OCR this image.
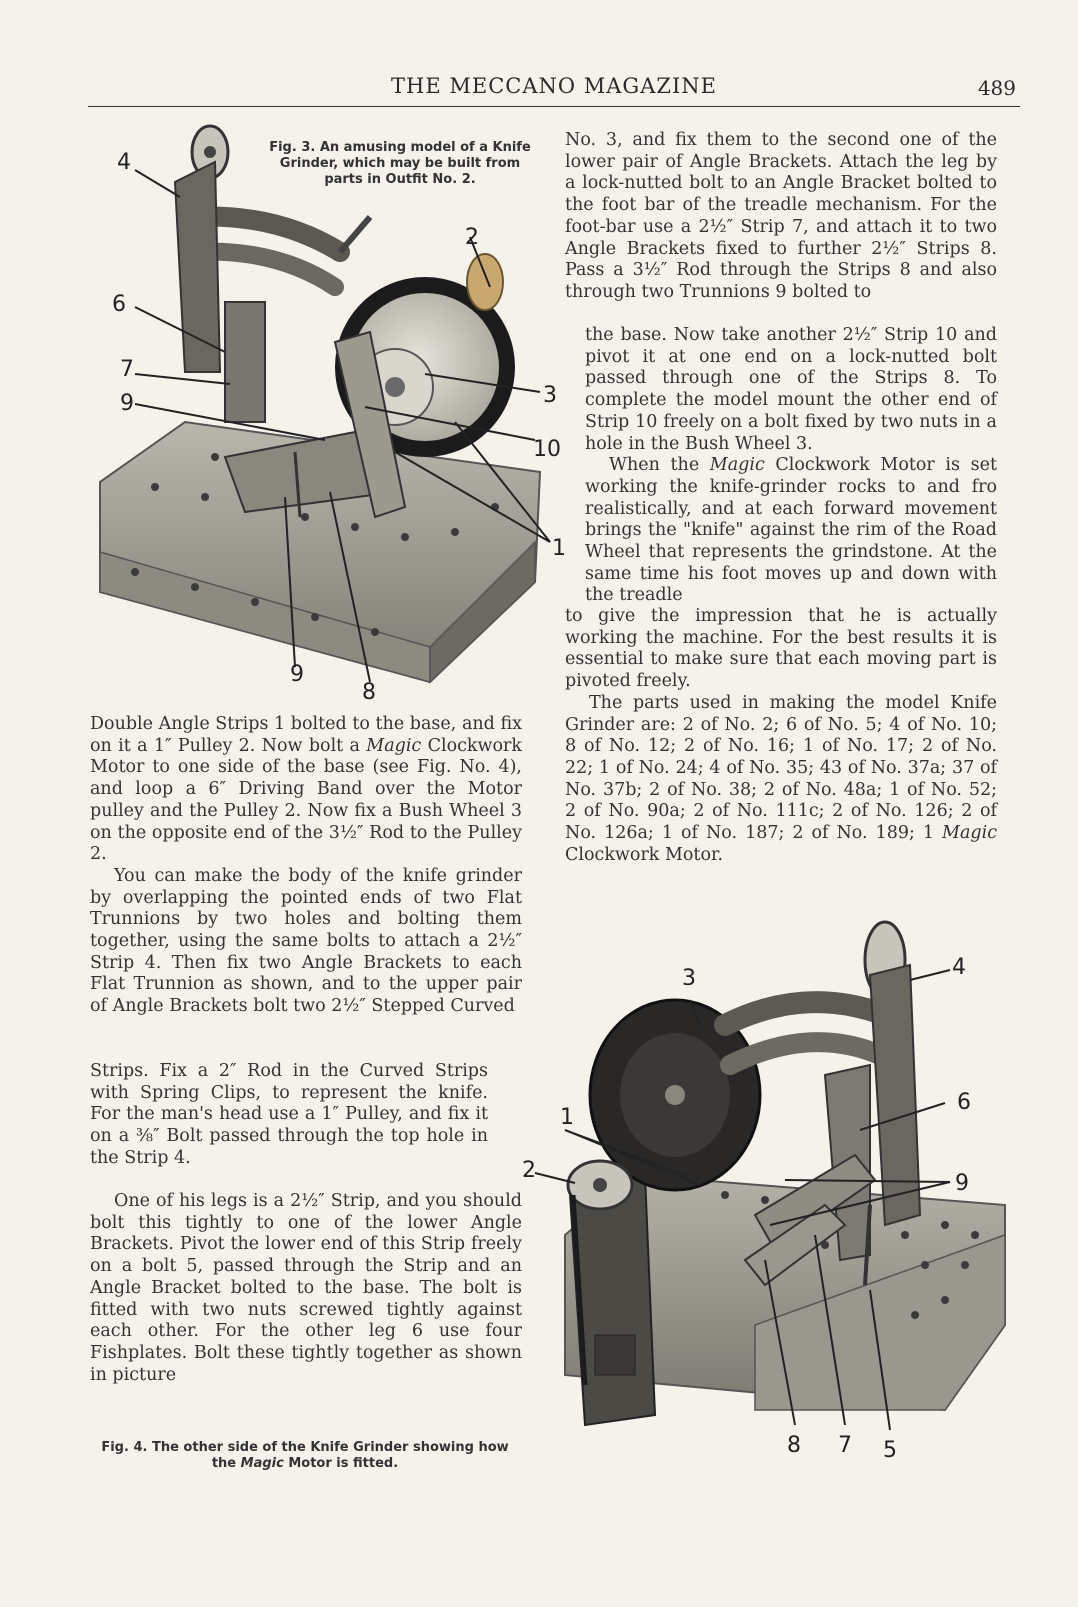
THE MECCANO MAGAZINE	489
Fig. 3. An amusing model of a Knife Grinder, which may be built from parts in Outfit No. 2.
4
2
6
7
9	3
10
1
9
8
3	4
1
6
2
9
8 7 5
Fig. 4. The other side of the Knife Grinder showing how the Magic Motor is fitted.

Double Angle Strips 1 bolted to the base, and fix on it a 1″ Pulley 2. Now bolt a Magic Clockwork Motor to one side of the base (see Fig. No. 4), and loop a 6″ Driving Band over the Motor pulley and the Pulley 2. Now fix a Bush Wheel 3 on the opposite end of the 3½″ Rod to the Pulley 2.

You can make the body of the knife grinder by overlapping the pointed ends of two Flat Trunnions by two holes and bolting them together, using the same bolts to attach a 2½″ Strip 4. Then fix two Angle Brackets to each Flat Trunnion as shown, and to the upper pair of Angle Brackets bolt two 2½″ Stepped Curved

Strips. Fix a 2″ Rod in the Curved Strips with Spring Clips, to represent the knife. For the man's head use a 1″ Pulley, and fix it on a ⅜″ Bolt passed through the top hole in the Strip 4.

One of his legs is a 2½″ Strip, and you should bolt this tightly to one of the lower Angle Brackets. Pivot the lower end of this Strip freely on a bolt 5, passed through the Strip and an Angle Bracket bolted to the base. The bolt is fitted with two nuts screwed tightly against each other. For the other leg 6 use four Fishplates. Bolt these tightly together as shown in picture

No. 3, and fix them to the second one of the lower pair of Angle Brackets. Attach the leg by a lock-nutted bolt to an Angle Bracket bolted to the foot bar of the treadle mechanism. For the foot-bar use a 2½″ Strip 7, and attach it to two Angle Brackets fixed to further 2½″ Strips 8. Pass a 3½″ Rod through the Strips 8 and also through two Trunnions 9 bolted to

the base. Now take another 2½″ Strip 10 and pivot it at one end on a lock-nutted bolt passed through one of the Strips 8. To complete the model mount the other end of Strip 10 freely on a bolt fixed by two nuts in a hole in the Bush Wheel 3.

When the Magic Clockwork Motor is set working the knife-grinder rocks to and fro realistically, and at each forward movement brings the "knife" against the rim of the Road Wheel that represents the grindstone. At the same time his foot moves up and down with the treadle

to give the impression that he is actually working the machine. For the best results it is essential to make sure that each moving part is pivoted freely.

The parts used in making the model Knife Grinder are: 2 of No. 2; 6 of No. 5; 4 of No. 10; 8 of No. 12; 2 of No. 16; 1 of No. 17; 2 of No. 22; 1 of No. 24; 4 of No. 35; 43 of No. 37a; 37 of No. 37b; 2 of No. 38; 2 of No. 48a; 1 of No. 52; 2 of No. 90a; 2 of No. 111c; 2 of No. 126; 2 of No. 126a; 1 of No. 187; 2 of No. 189; 1 Magic Clockwork Motor.
